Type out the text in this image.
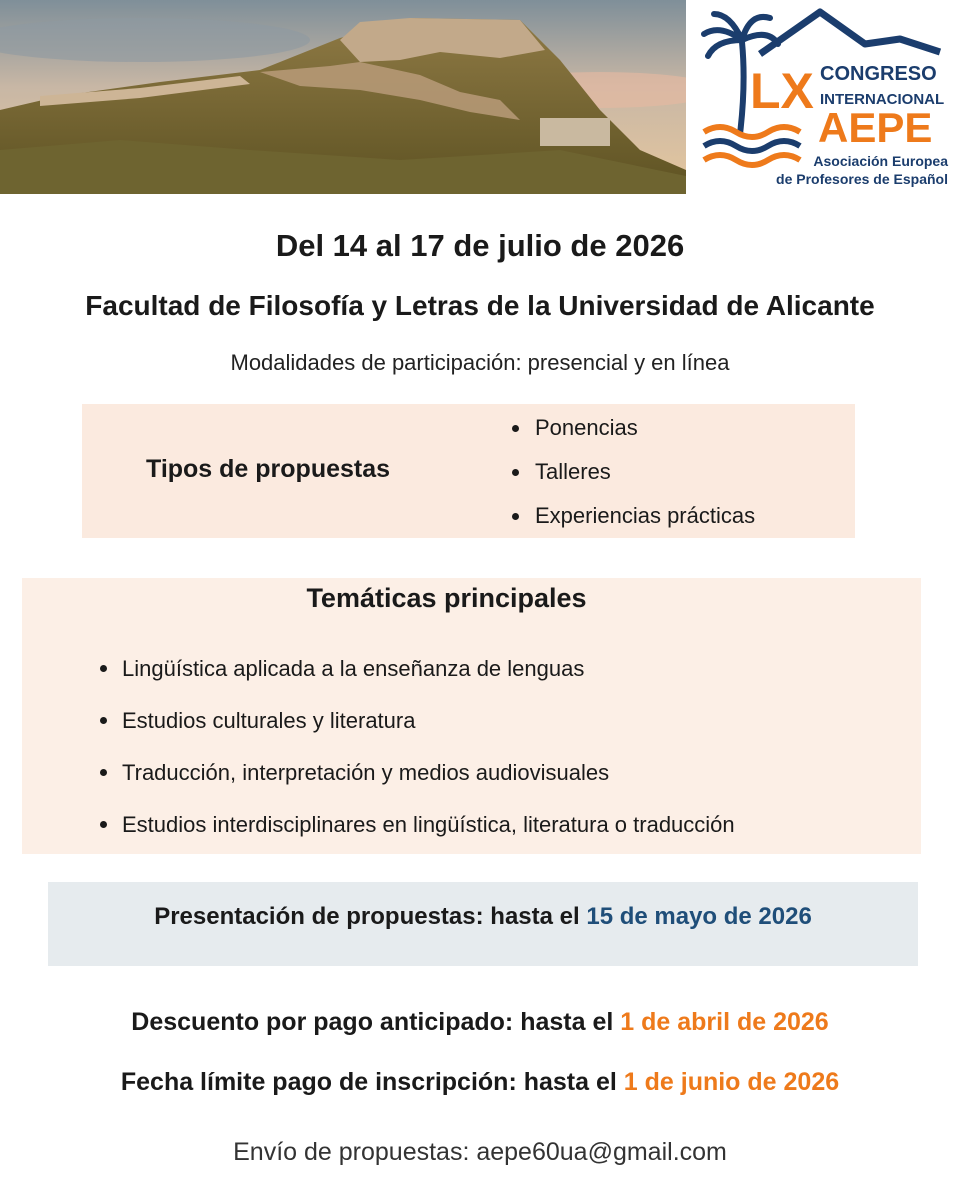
LX CONGRESO
INTERNACIONAL
AEPE
Asociación Europea
de Profesores de Español
Del 14 al 17 de julio de 2026
Facultad de Filosofía y Letras de la Universidad de Alicante
Modalidades de participación: presencial y en línea
Tipos de propuestas
Ponencias
Talleres
Experiencias prácticas
Temáticas principales
Lingüística aplicada a la enseñanza de lenguas
Estudios culturales y literatura
Traducción, interpretación y medios audiovisuales
Estudios interdisciplinares en lingüística, literatura o traducción
Presentación de propuestas: hasta el 15 de mayo de 2026
Descuento por pago anticipado: hasta el 1 de abril de 2026
Fecha límite pago de inscripción: hasta el 1 de junio de 2026
Envío de propuestas: aepe60ua@gmail.com
